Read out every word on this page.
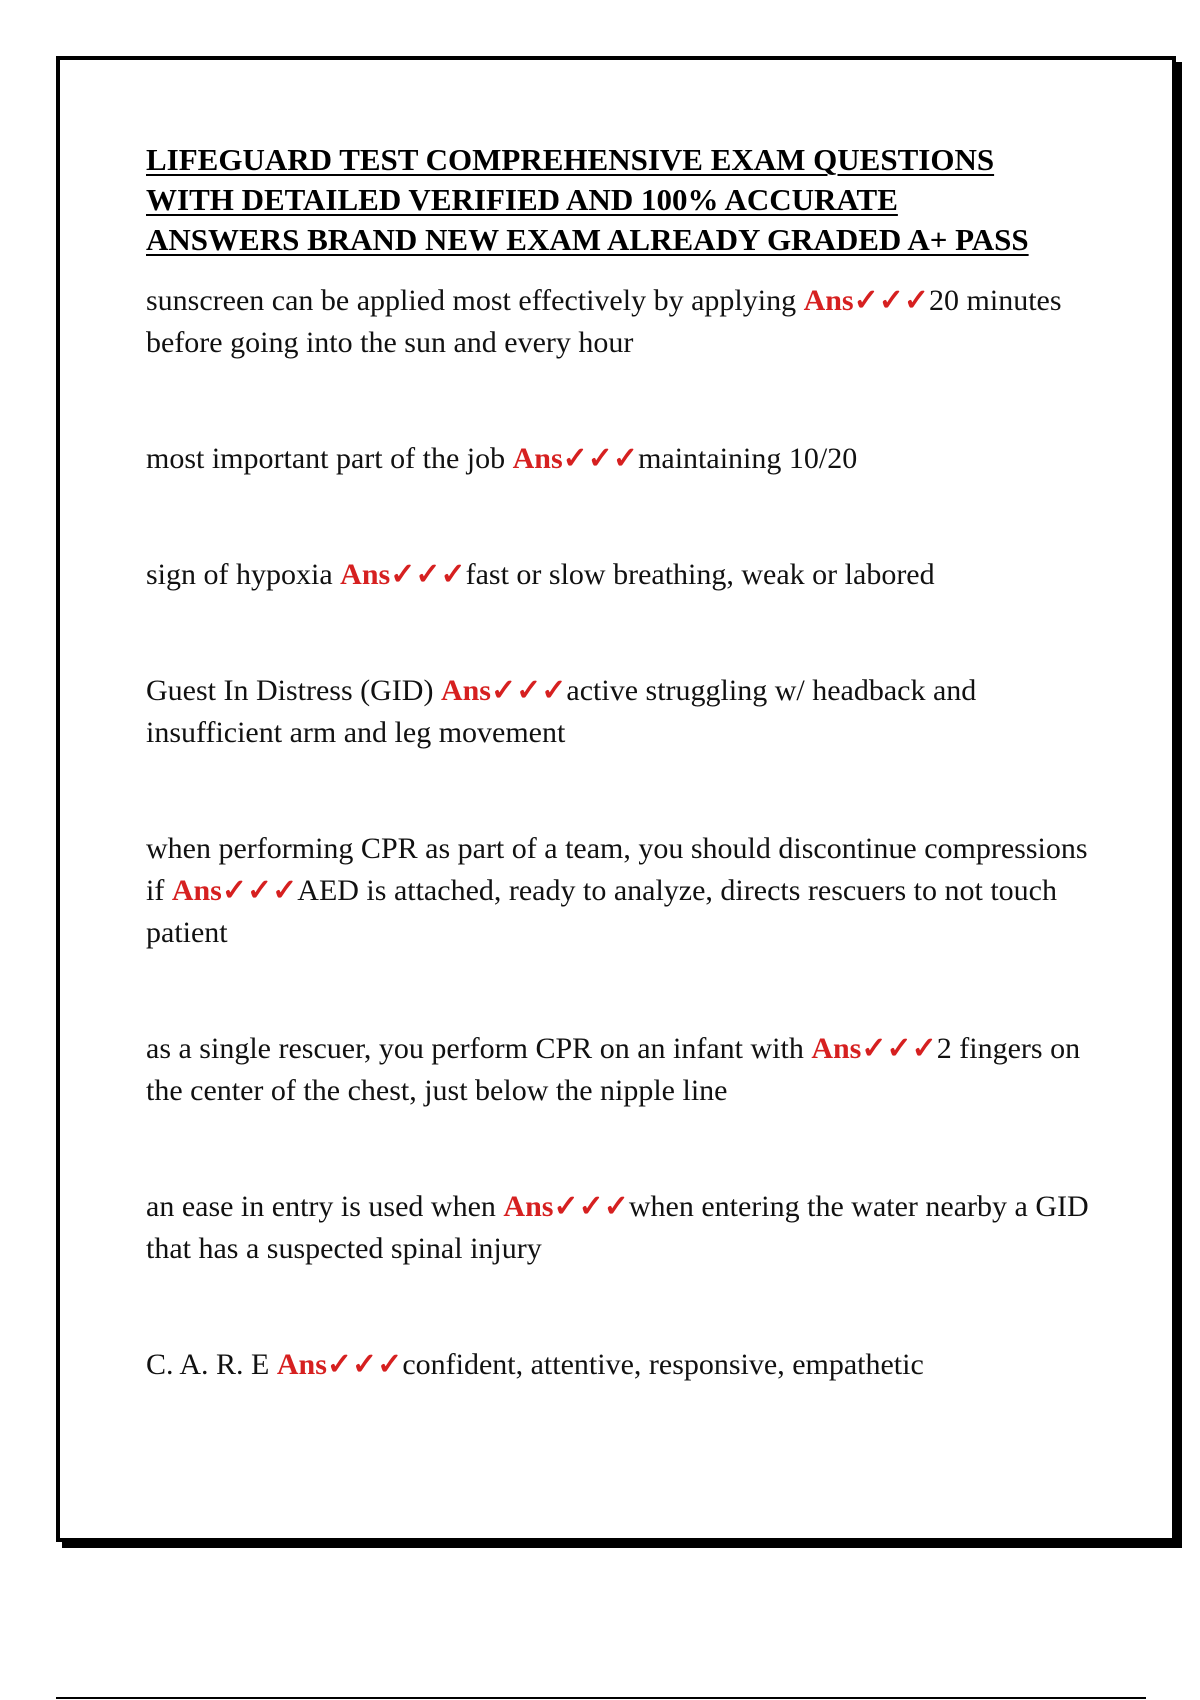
LIFEGUARD TEST COMPREHENSIVE EXAM QUESTIONS
WITH DETAILED VERIFIED AND 100% ACCURATE
ANSWERS BRAND NEW EXAM ALREADY GRADED A+ PASS

sunscreen can be applied most effectively by applying Ans✓✓✓20 minutes before going into the sun and every hour

most important part of the job Ans✓✓✓maintaining 10/20

sign of hypoxia Ans✓✓✓fast or slow breathing, weak or labored

Guest In Distress (GID) Ans✓✓✓active struggling w/ headback and insufficient arm and leg movement

when performing CPR as part of a team, you should discontinue compressions if Ans✓✓✓AED is attached, ready to analyze, directs rescuers to not touch patient

as a single rescuer, you perform CPR on an infant with Ans✓✓✓2 fingers on the center of the chest, just below the nipple line

an ease in entry is used when Ans✓✓✓when entering the water nearby a GID that has a suspected spinal injury

C. A. R. E Ans✓✓✓confident, attentive, responsive, empathetic
